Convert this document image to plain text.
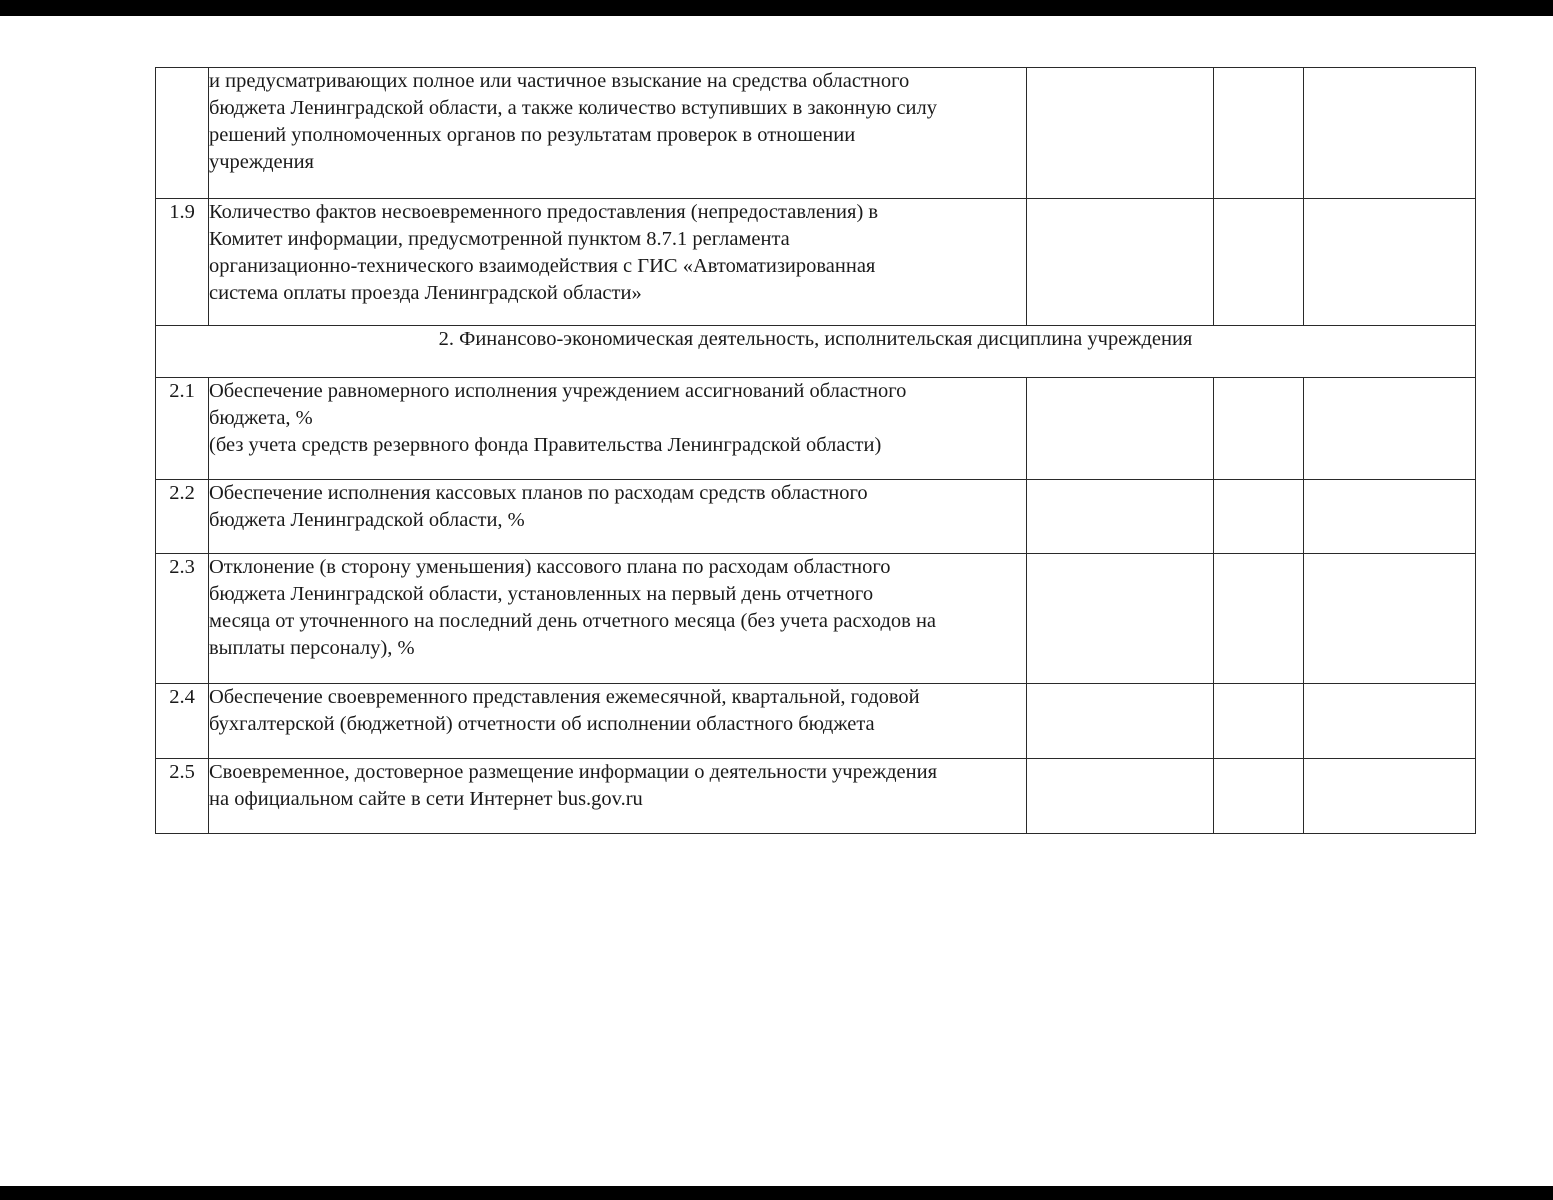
	и предусматривающих полное или частичное взыскание на средства областного
бюджета Ленинградской области, а также количество вступивших в законную силу
решений уполномоченных органов по результатам проверок в отношении
учреждения			

1.9	Количество фактов несвоевременного предоставления (непредоставления) в
Комитет информации, предусмотренной пунктом 8.7.1 регламента
организационно-технического взаимодействия с ГИС «Автоматизированная
система оплаты проезда Ленинградской области»			

2. Финансово-экономическая деятельность, исполнительская дисциплина учреждения				
2.1	Обеспечение равномерного исполнения учреждением ассигнований областного
бюджета, %
(без учета средств резервного фонда Правительства Ленинградской области)			

2.2	Обеспечение исполнения кассовых планов по расходам средств областного
бюджета Ленинградской области, %			

2.3	Отклонение (в сторону уменьшения) кассового плана по расходам областного
бюджета Ленинградской области, установленных на первый день отчетного
месяца от уточненного на последний день отчетного месяца (без учета расходов на
выплаты персоналу), %			

2.4	Обеспечение своевременного представления ежемесячной, квартальной, годовой
бухгалтерской (бюджетной) отчетности об исполнении областного бюджета			

2.5	Своевременное, достоверное размещение информации о деятельности учреждения
на официальном сайте в сети Интернет bus.gov.ru			
